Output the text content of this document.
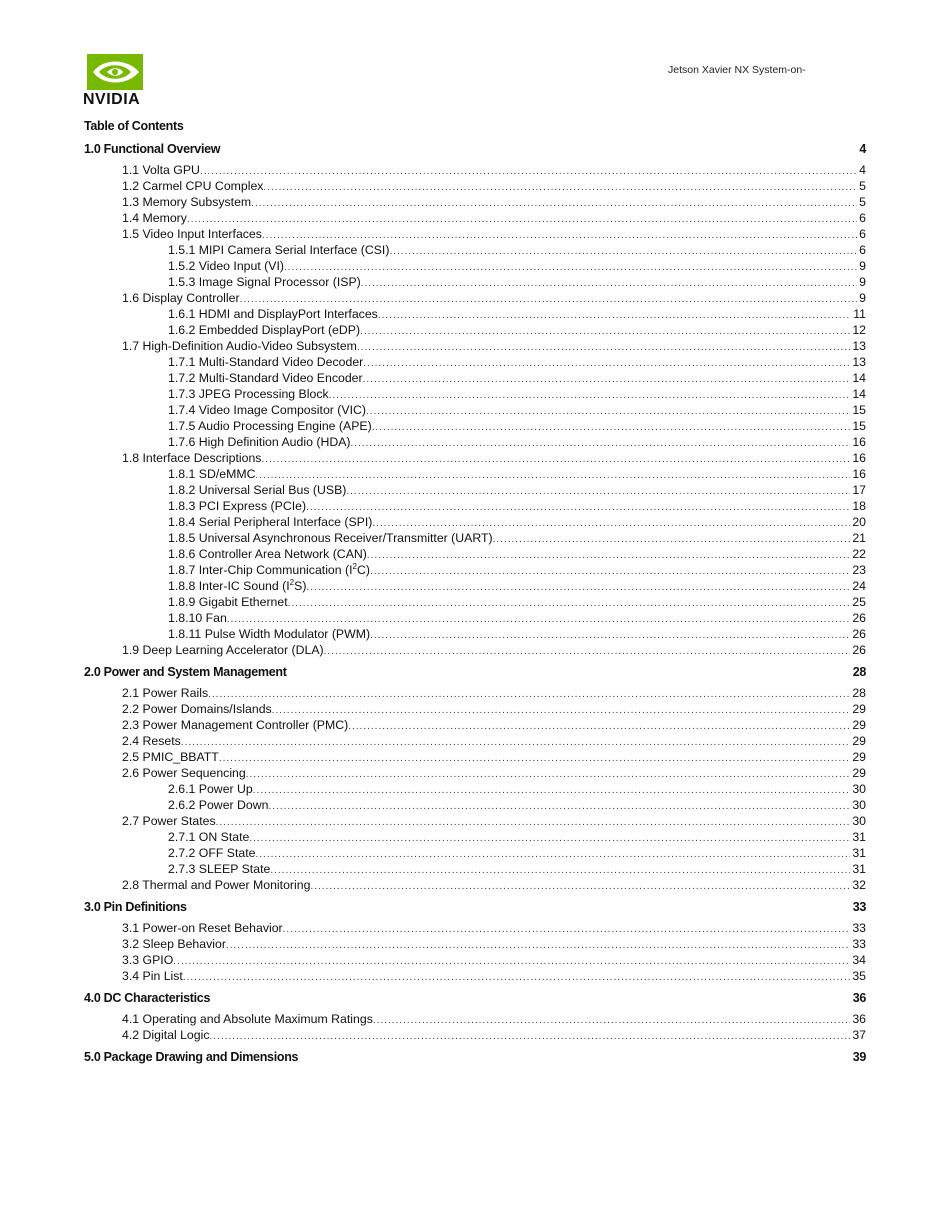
NVIDIA
Jetson Xavier NX System-on-
Table of Contents
1.0 Functional Overview	4
1.1 Volta GPU .....	4
1.2 Carmel CPU Complex .....	5
1.3 Memory Subsystem .....	5
1.4 Memory .....	6
1.5 Video Input Interfaces .....	6
1.5.1 MIPI Camera Serial Interface (CSI) .....	6
1.5.2 Video Input (VI) .....	9
1.5.3 Image Signal Processor (ISP) .....	9
1.6 Display Controller .....	9
1.6.1 HDMI and DisplayPort Interfaces .....	11
1.6.2 Embedded DisplayPort (eDP) .....	12
1.7 High-Definition Audio-Video Subsystem .....	13
1.7.1 Multi-Standard Video Decoder .....	13
1.7.2 Multi-Standard Video Encoder .....	14
1.7.3 JPEG Processing Block .....	14
1.7.4 Video Image Compositor (VIC) .....	15
1.7.5 Audio Processing Engine (APE) .....	15
1.7.6 High Definition Audio (HDA) .....	16
1.8 Interface Descriptions .....	16
1.8.1 SD/eMMC .....	16
1.8.2 Universal Serial Bus (USB) .....	17
1.8.3 PCI Express (PCIe) .....	18
1.8.4 Serial Peripheral Interface (SPI) .....	20
1.8.5 Universal Asynchronous Receiver/Transmitter (UART) .....	21
1.8.6 Controller Area Network (CAN) .....	22
1.8.7 Inter-Chip Communication $(I^2C)$ .....	23
1.8.8 Inter-IC Sound $(I^2S)$ .....	24
1.8.9 Gigabit Ethernet .....	25
1.8.10 Fan .....	26
1.8.11 Pulse Width Modulator (PWM) .....	26
1.9 Deep Learning Accelerator (DLA) .....	26
2.0 Power and System Management	28
2.1 Power Rails .....	28
2.2 Power Domains/Islands .....	29
2.3 Power Management Controller (PMC) .....	29
2.4 Resets .....	29
2.5 PMIC_BBATT .....	29
2.6 Power Sequencing .....	29
2.6.1 Power Up .....	30
2.6.2 Power Down .....	30
2.7 Power States .....	30
2.7.1 ON State .....	31
2.7.2 OFF State .....	31
2.7.3 SLEEP State .....	31
2.8 Thermal and Power Monitoring .....	32
3.0 Pin Definitions	33
3.1 Power-on Reset Behavior .....	33
3.2 Sleep Behavior .....	33
3.3 GPIO .....	34
3.4 Pin List .....	35
4.0 DC Characteristics	36
4.1 Operating and Absolute Maximum Ratings .....	36
4.2 Digital Logic .....	37
5.0 Package Drawing and Dimensions	39
